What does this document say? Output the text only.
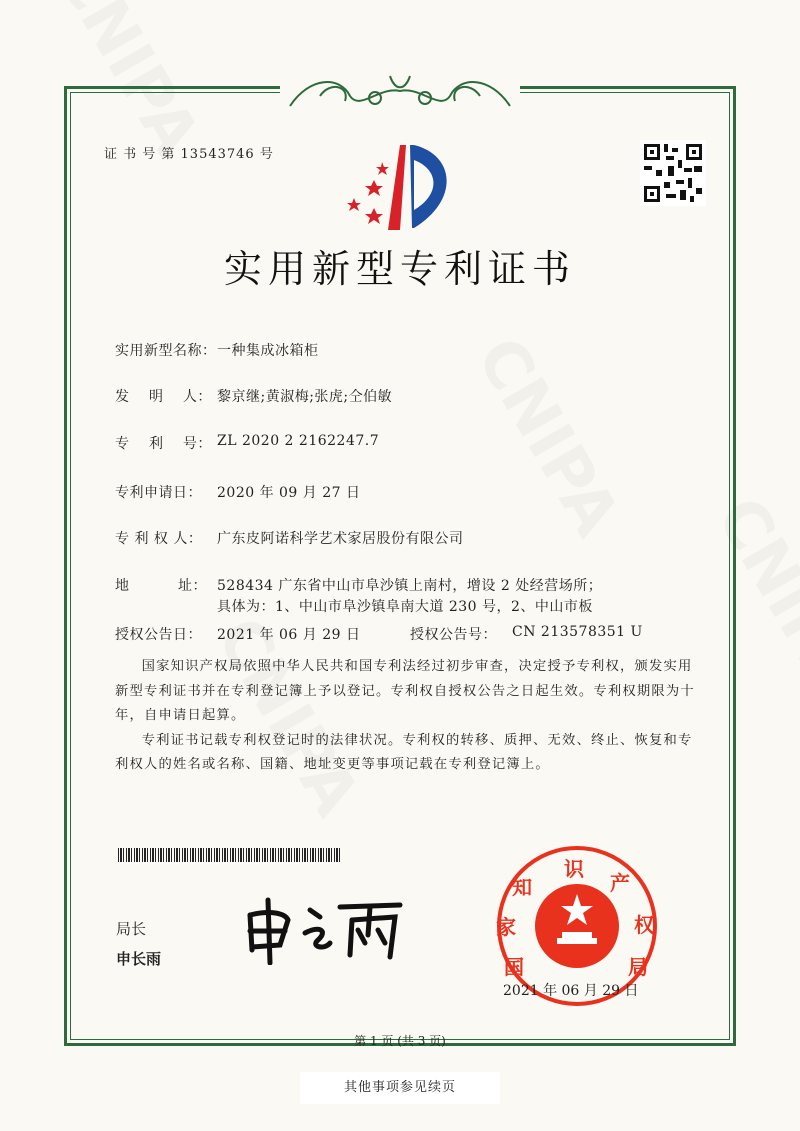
证 书 号 第 13543746 号
实用新型专利证书
实用新型名称： 一种集成冰箱柜
发　 明　 人： 黎京继;黄淑梅;张虎;仝伯敏
专　 利　 号： ZL 2020 2 2162247.7
专利申请日： 2020 年 09 月 27 日
专 利 权 人： 广东皮阿诺科学艺术家居股份有限公司
地　　　 址： 528434 广东省中山市阜沙镇上南村，增设 2 处经营场所；
具体为：1、中山市阜沙镇阜南大道 230 号，2、中山市板
授权公告日： 2021 年 06 月 29 日	授权公告号： CN 213578351 U

国家知识产权局依照中华人民共和国专利法经过初步审查，决定授予专利权，颁发实用新型专利证书并在专利登记簿上予以登记。专利权自授权公告之日起生效。专利权期限为十年，自申请日起算。

专利证书记载专利权登记时的法律状况。专利权的转移、质押、无效、终止、恢复和专利权人的姓名或名称、国籍、地址变更等事项记载在专利登记簿上。

局长
申长雨	国家知识产权局
2021 年 06 月 29 日
第 1 页 (共 3 页)
其他事项参见续页
